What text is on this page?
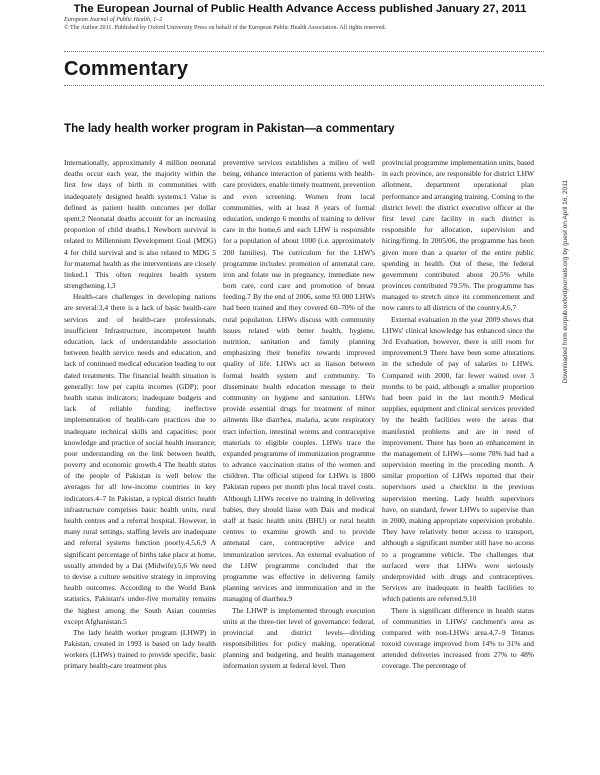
The European Journal of Public Health Advance Access published January 27, 2011
European Journal of Public Health, 1–2
© The Author 2011. Published by Oxford University Press on behalf of the European Public Health Association. All rights reserved.
Commentary
The lady health worker program in Pakistan—a commentary

Internationally, approximately 4 million neonatal deaths occur each year, the majority within the first few days of birth in communities with inadequately designed health systems.1 Value is defined as patient health outcomes per dollar spent.2 Neonatal deaths account for an increasing proportion of child deaths.1 Newborn survival is related to Millennium Development Goal (MDG) 4 for child survival and is also related to MDG 5 for maternal health as the interventions are closely linked.1 This often requires health system strengthening.1,3

Health-care challenges in developing nations are several:3,4 there is a lack of basic health-care services and of health-care professionals, insufficient Infrastructure, incompetent health education, lack of understandable association between health service needs and education, and lack of continued medical education leading to out dated treatments. The financial health situation is generally: low per capita incomes (GDP); poor health status indicators; inadequate budgets and lack of reliable funding; ineffective implementation of health-care practices due to inadequate technical skills and capacities; poor knowledge and practice of social health insurance; poor understanding on the link between health, poverty and economic growth.4 The health status of the people of Pakistan is well below the averages for all low-income countries in key indicators.4–7 In Pakistan, a typical district health infrastructure comprises basic health units, rural health centres and a referral hospital. However, in many rural settings, staffing levels are inadequate and referral systems function poorly.4,5,6,9 A significant percentage of births take place at home, usually attended by a Dai (Midwife).5,6 We need to devise a culture sensitive strategy in improving health outcomes. According to the World Bank statistics, Pakistan's under-five mortality remains the highest among the South Asian countries except Afghanistan.5

The lady health worker program (LHWP) in Pakistan, created in 1993 is based on lady health workers (LHWs) trained to provide specific, basic primary health-care treatment plus

preventive services establishes a milieu of well being, enhance interaction of patients with health-care providers, enable timely treatment, prevention and even screening. Women from local communities, with at least 8 years of formal education, undergo 6 months of training to deliver care in the home,6 and each LHW is responsible for a population of about 1000 (i.e. approximately 200 families). The curriculum for the LHW's programme includes: promotion of antenatal care, iron and folate use in pregnancy, immediate new born care, cord care and promotion of breast feeding.7 By the end of 2006, some 93 000 LHWs had been trained and they covered 60–70% of the rural population. LHWs discuss with community issues related with better health, hygiene, nutrition, sanitation and family planning emphasizing their benefits towards improved quality of life. LHWs act as liaison between formal health system and community. To disseminate health education message to their community on hygiene and sanitation. LHWs provide essential drugs for treatment of minor ailments like diarrhea, malaria, acute respiratory tract infection, intestinal worms and contraceptive materials to eligible couples. LHWs trace the expanded programme of immunization programme to advance vaccination status of the women and children. The official stipend for LHWs is 1800 Pakistan rupees per month plus local travel costs. Although LHWs receive no training in delivering babies, they should liaise with Dais and medical staff at basic health units (BHU) or rural health centres to examine growth and to provide antenatal care, contraceptive advice and immunization services. An external evaluation of the LHW programme concluded that the programme was effective in delivering family planning services and immunization and in the managing of diarrhea.9

The LHWP is implemented through execution units at the three-tier level of governance: federal, provincial and district levels—dividing responsibilities for policy making, operational planning and budgeting, and health management information system at federal level. Then

provincial programme implementation units, based in each province, are responsible for district LHW allotment, department operational plan performance and arranging training. Coming to the district level: the district executive officer at the first level care facility in each district is responsible for allocation, supervision and hiring/firing. In 2005/06, the programme has been given more than a quarter of the entire public spending in health. Out of these, the federal government contributed about 20.5% while provinces contributed 79.5%. The programme has managed to stretch since its commencement and now caters to all districts of the country.4,6,7

External evaluation in the year 2009 shows that LHWs' clinical knowledge has enhanced since the 3rd Evaluation, however, there is still room for improvement.9 There have been some alterations in the schedule of pay of salaries to LHWs. Compared with 2000, far fewer waited over 3 months to be paid, although a smaller proportion had been paid in the last month.9 Medical supplies, equipment and clinical services provided by the health facilities were the areas that manifested problems and are in need of improvement. There has been an enhancement in the management of LHWs—some 78% had had a supervision meeting in the preceding month. A similar proportion of LHWs reported that their supervisors used a checklist in the previous supervision meeting. Lady health supervisors have, on standard, fewer LHWs to supervise than in 2000, making appropriate supervision probable. They have relatively better access to transport, although a significant number still have no access to a programme vehicle. The challenges that surfaced were that LHWs were seriously underprovided with drugs and contraceptives. Services are inadequate in health facilities to which patients are referred.9,10

There is significant difference in health status of communities in LHWs' catchment's area as compared with non-LHWs area.4,7–9 Tetanus toxoid coverage improved from 14% to 31% and attended deliveries increased from 27% to 48% coverage. The percentage of

Downloaded from eurpub.oxfordjournals.org by guest on April 16, 2011
